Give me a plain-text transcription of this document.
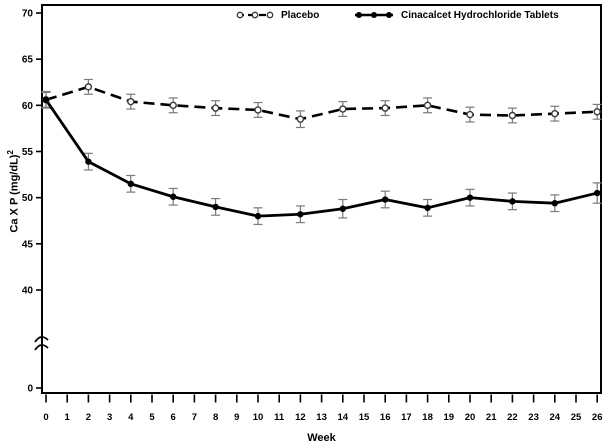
70
65
60
55
50
45
40
0
0 1 2 3 4 5 6 7 8 9 10 11 12 13 14 15 16 17 18 19 20 21 22 23 24 25 26
Placebo	Cinacalcet Hydrochloride Tablets
Ca X P $(mg/dL)^2$
Week
